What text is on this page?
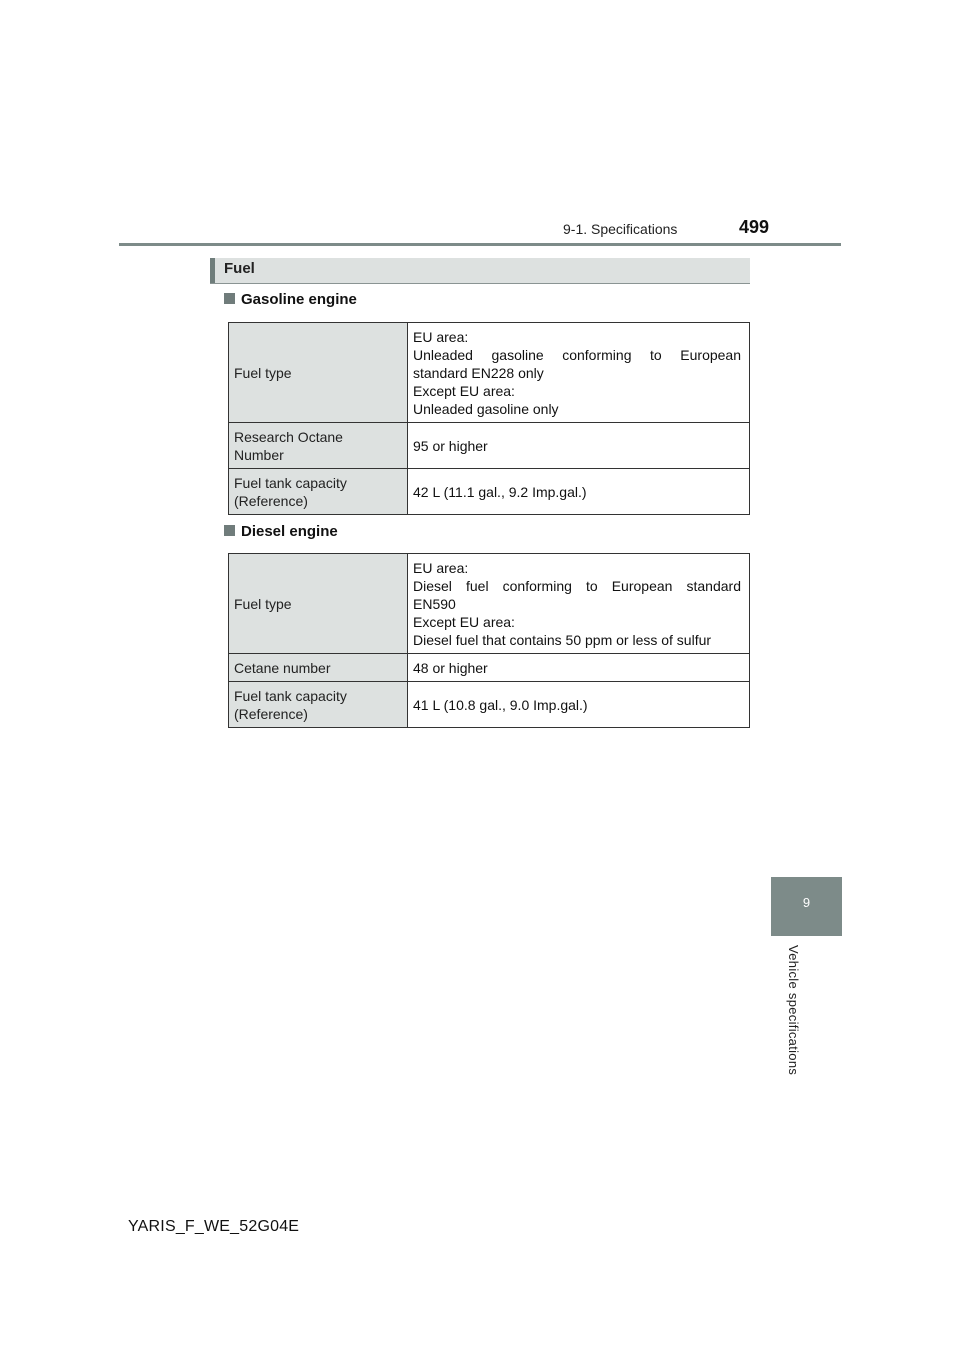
9-1. Specifications	499
Fuel
Gasoline engine
Fuel type	EU area:
Unleaded gasoline conforming to European
standard EN228 only
Except EU area:
Unleaded gasoline only

Research Octane
Number	95 or higher

Fuel tank capacity
(Reference)	42 L (11.1 gal., 9.2 Imp.gal.)
Diesel engine
Fuel type	EU area:
Diesel fuel conforming to European standard
EN590
Except EU area:
Diesel fuel that contains 50 ppm or less of sulfur

Cetane number	48 or higher

Fuel tank capacity
(Reference)	41 L (10.8 gal., 9.0 Imp.gal.)
9
Vehicle specifications
YARIS_F_WE_52G04E
